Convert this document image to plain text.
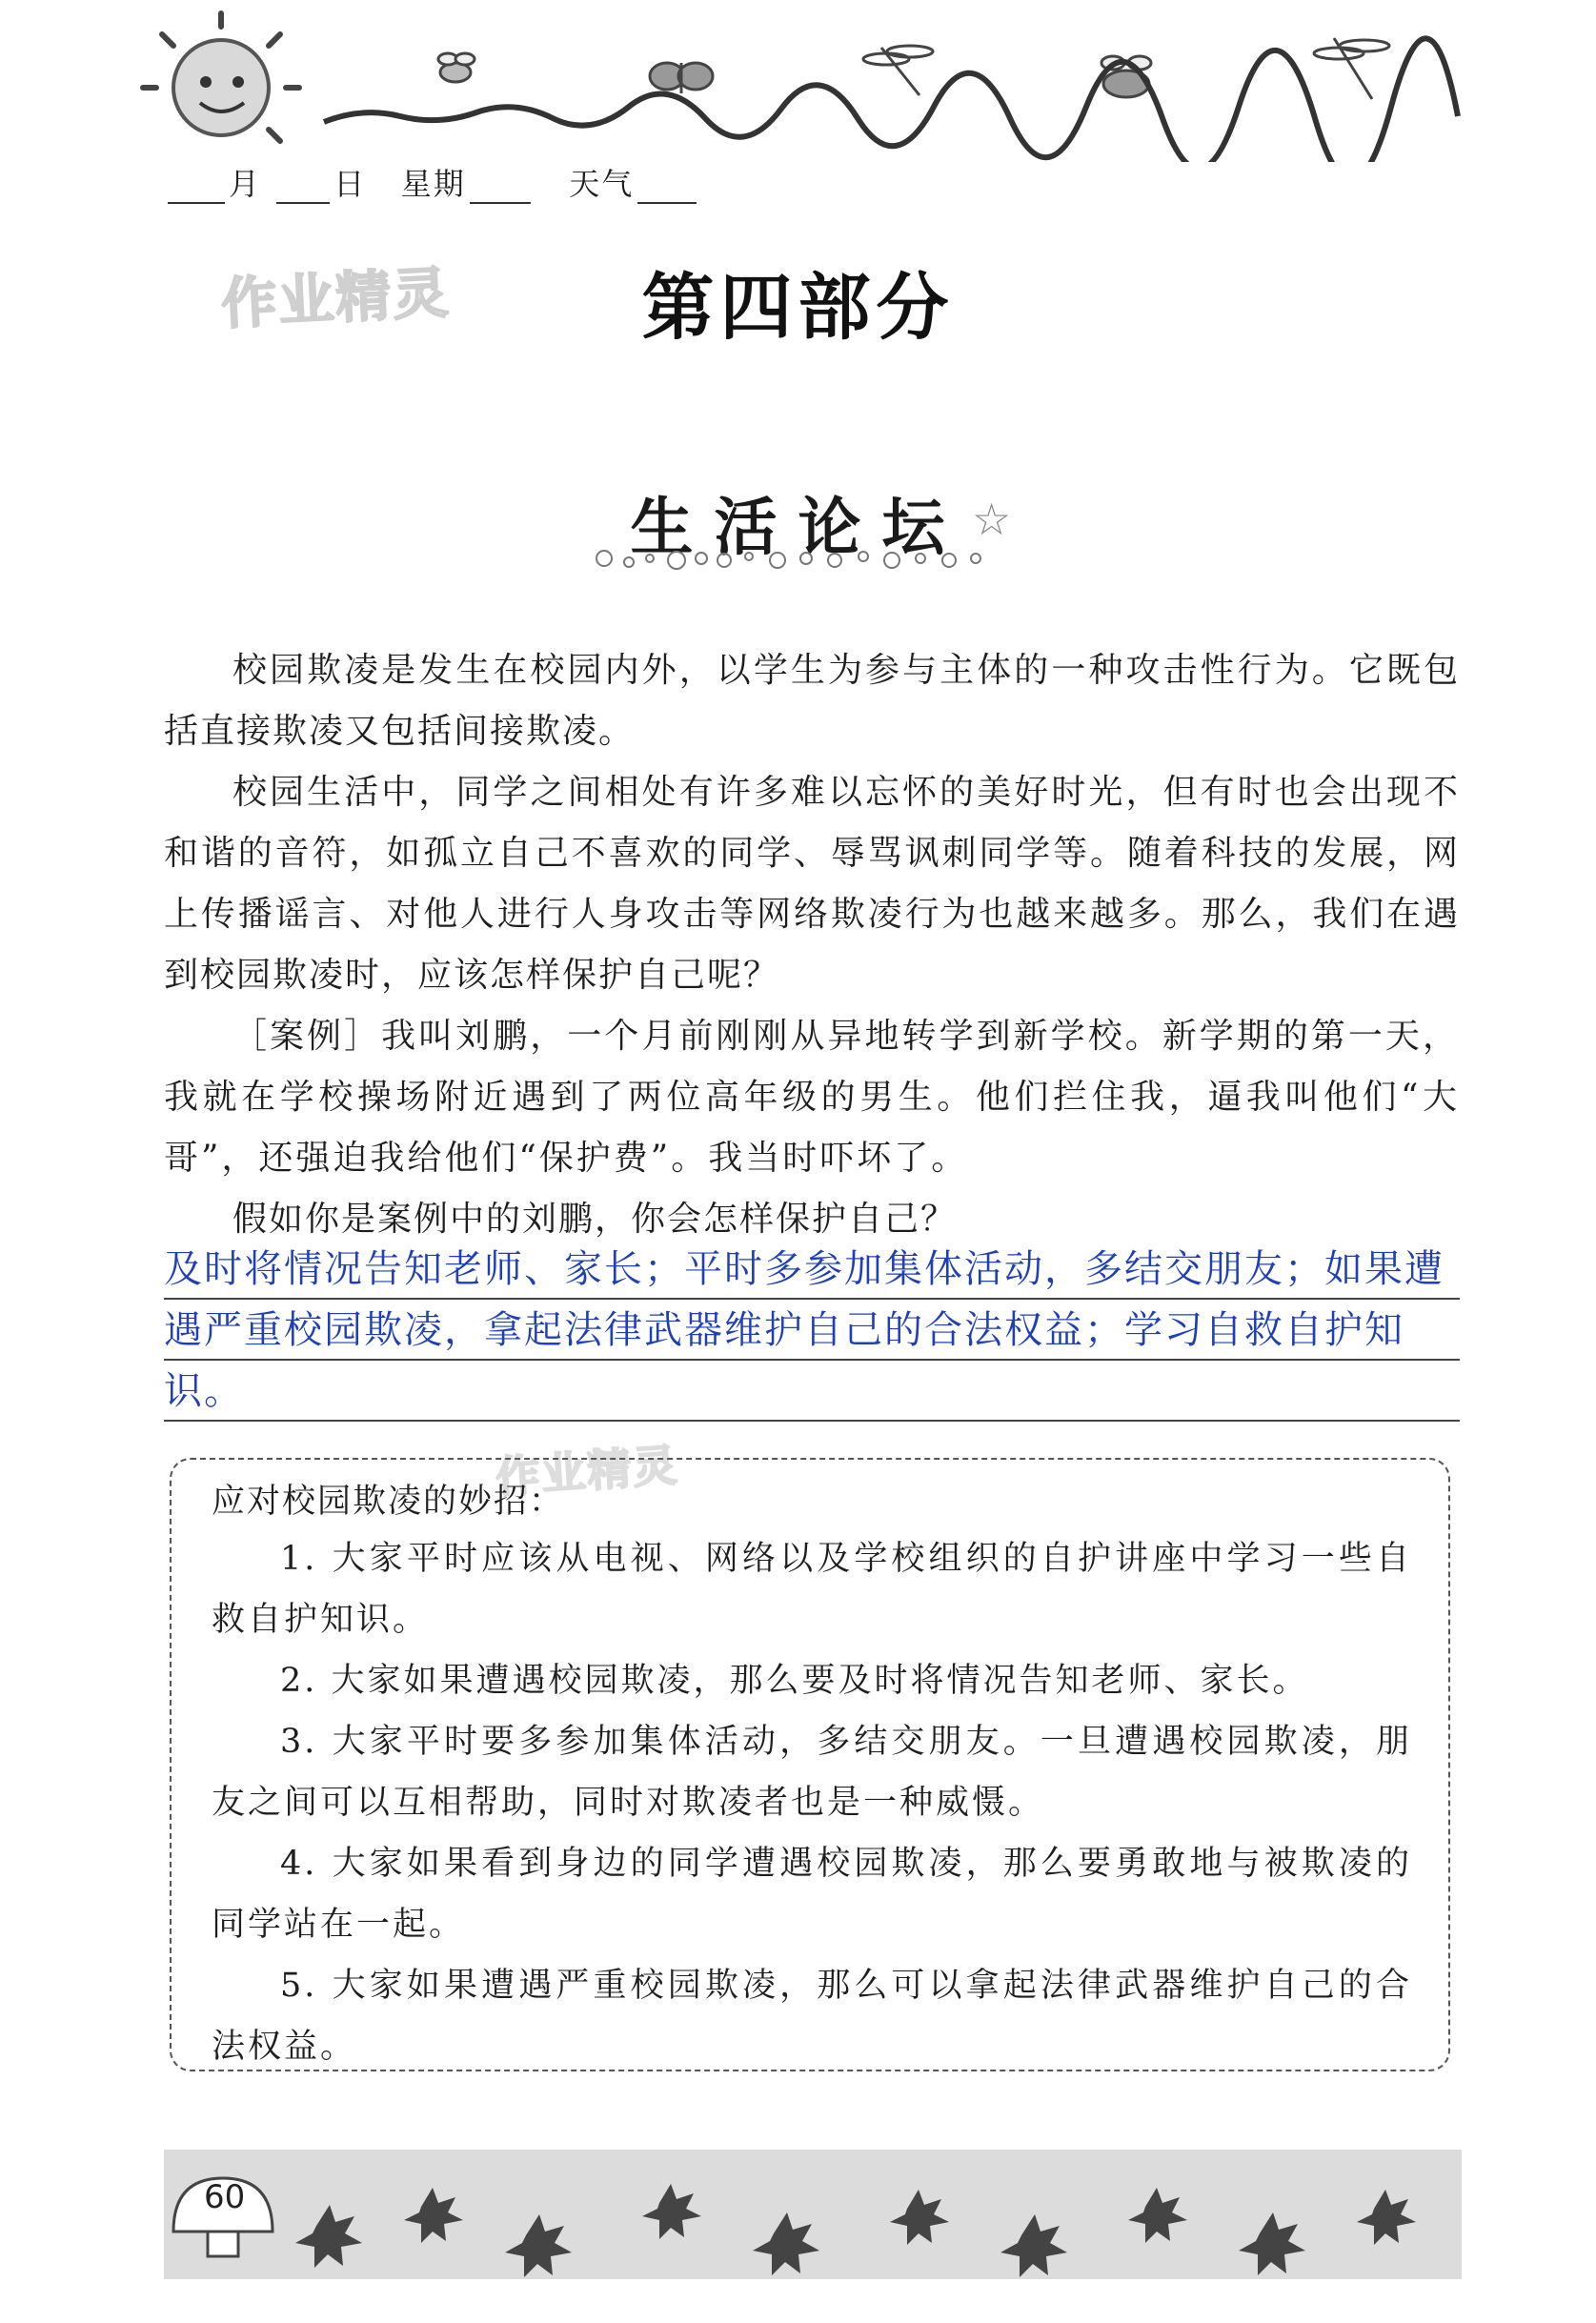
月 日 星期	天气
作业精灵
作业精灵
第四部分
生活论坛 ☆
校园欺凌是发生在校园内外，以学生为参与主体的一种攻击性行为。它既包括直接欺凌又包括间接欺凌。
校园生活中，同学之间相处有许多难以忘怀的美好时光，但有时也会出现不和谐的音符，如孤立自己不喜欢的同学、辱骂讽刺同学等。随着科技的发展，网上传播谣言、对他人进行人身攻击等网络欺凌行为也越来越多。那么，我们在遇到校园欺凌时，应该怎样保护自己呢？
［案例］我叫刘鹏，一个月前刚刚从异地转学到新学校。新学期的第一天，我就在学校操场附近遇到了两位高年级的男生。他们拦住我，逼我叫他们“大哥”，还强迫我给他们“保护费”。我当时吓坏了。
假如你是案例中的刘鹏，你会怎样保护自己？
及时将情况告知老师、家长；平时多参加集体活动，多结交朋友；如果遭遇严重校园欺凌，拿起法律武器维护自己的合法权益；学习自救自护知识。
应对校园欺凌的妙招：
1. 大家平时应该从电视、网络以及学校组织的自护讲座中学习一些自救自护知识。
2. 大家如果遭遇校园欺凌，那么要及时将情况告知老师、家长。
3. 大家平时要多参加集体活动，多结交朋友。一旦遭遇校园欺凌，朋友之间可以互相帮助，同时对欺凌者也是一种威慑。
4. 大家如果看到身边的同学遭遇校园欺凌，那么要勇敢地与被欺凌的同学站在一起。
5. 大家如果遭遇严重校园欺凌，那么可以拿起法律武器维护自己的合法权益。
60
